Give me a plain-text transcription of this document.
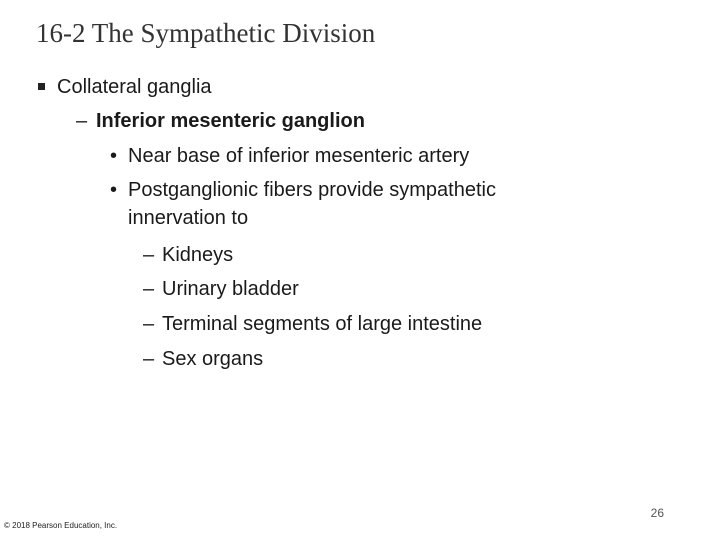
16-2 The Sympathetic Division
Collateral ganglia
– Inferior mesenteric ganglion
• Near base of inferior mesenteric artery
• Postganglionic fibers provide sympathetic
innervation to
– Kidneys
– Urinary bladder
– Terminal segments of large intestine
– Sex organs
© 2018 Pearson Education, Inc.
26
